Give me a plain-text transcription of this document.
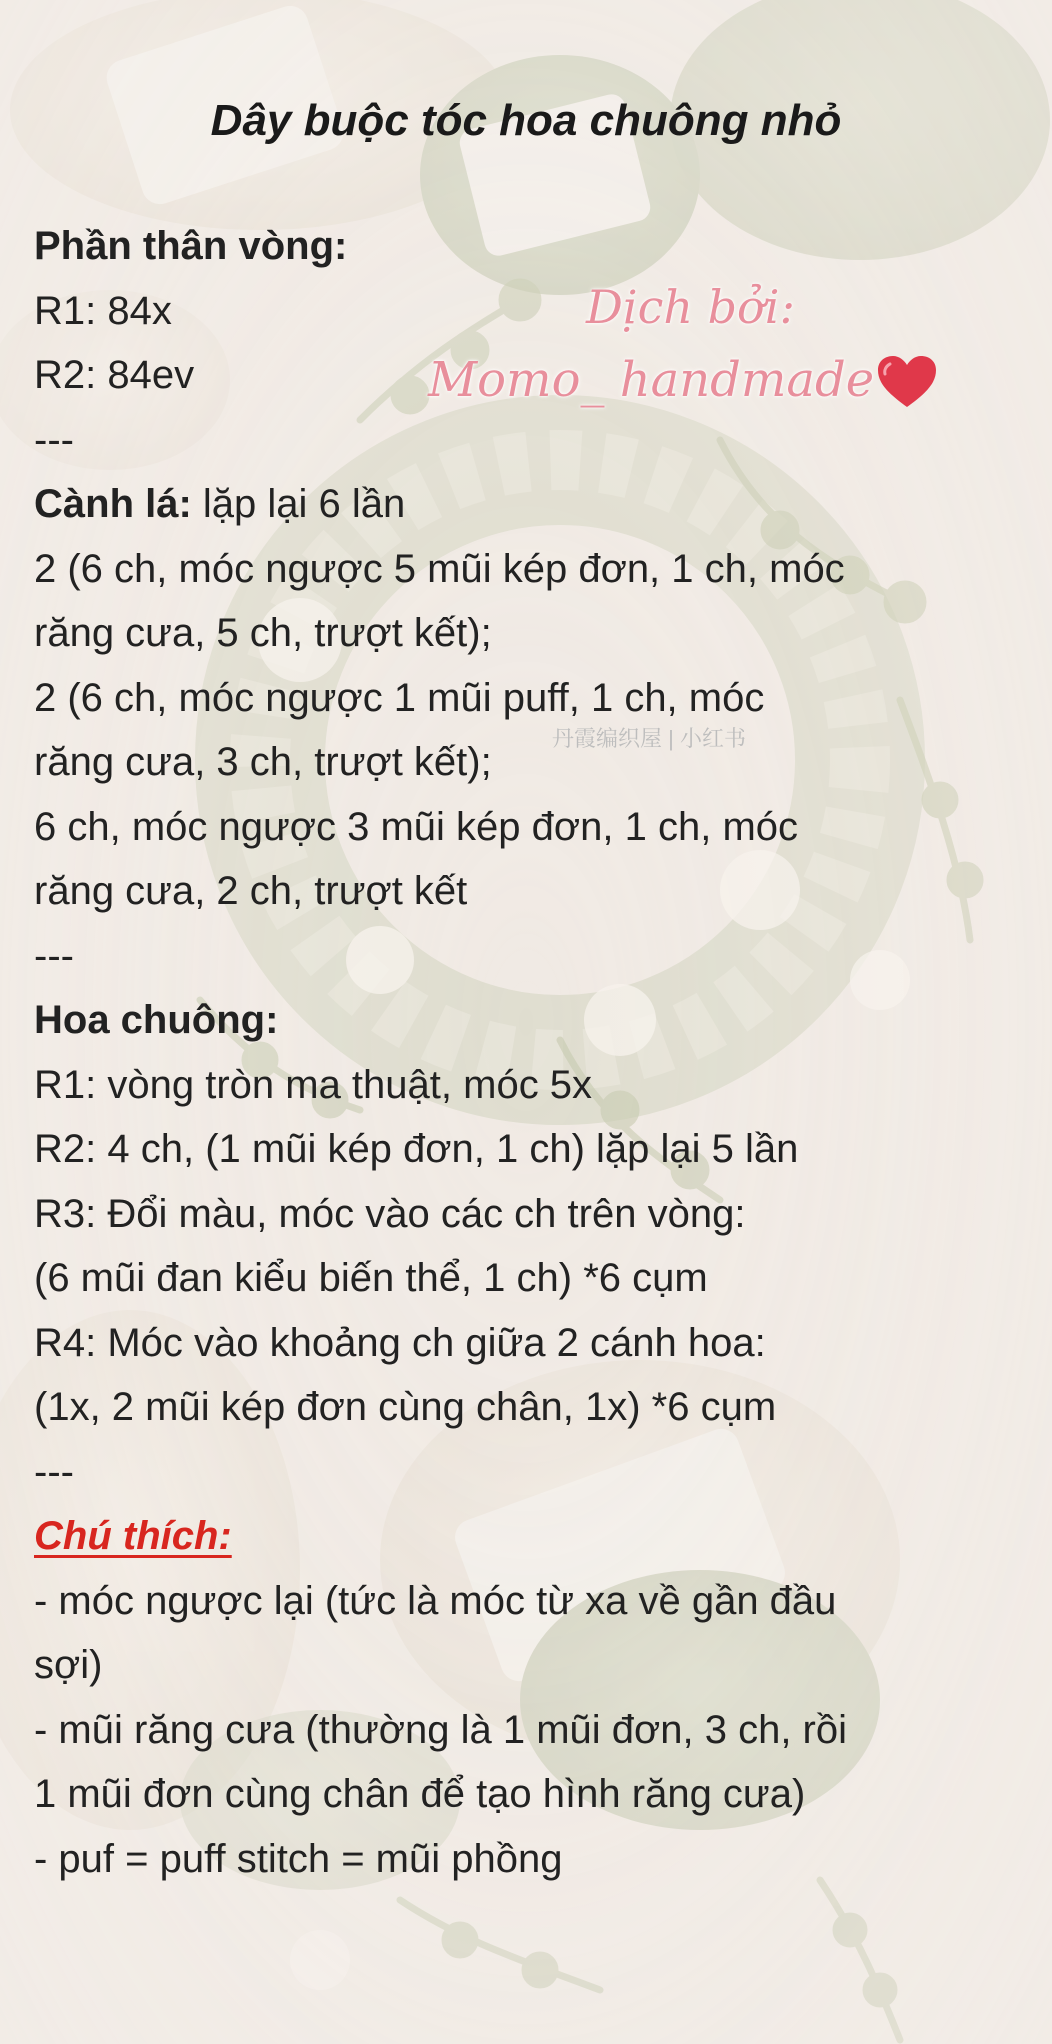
丹霞编织屋 | 小红书
Dây buộc tóc hoa chuông nhỏ
Phần thân vòng:
R1: 84x
R2: 84ev
---
Cành lá: lặp lại 6 lần
2 (6 ch, móc ngược 5 mũi kép đơn, 1 ch, móc
răng cưa, 5 ch, trượt kết);
2 (6 ch, móc ngược 1 mũi puff, 1 ch, móc
răng cưa, 3 ch, trượt kết);
6 ch, móc ngược 3 mũi kép đơn, 1 ch, móc
răng cưa, 2 ch, trượt kết
---
Hoa chuông:
R1: vòng tròn ma thuật, móc 5x
R2: 4 ch, (1 mũi kép đơn, 1 ch) lặp lại 5 lần
R3: Đổi màu, móc vào các ch trên vòng:
(6 mũi đan kiểu biến thể, 1 ch) *6 cụm
R4: Móc vào khoảng ch giữa 2 cánh hoa:
(1x, 2 mũi kép đơn cùng chân, 1x) *6 cụm
---
Chú thích:
- móc ngược lại (tức là móc từ xa về gần đầu
sợi)
- mũi răng cưa (thường là 1 mũi đơn, 3 ch, rồi
1 mũi đơn cùng chân để tạo hình răng cưa)
- puf = puff stitch = mũi phồng
Dịch bởi:
Momo_ handmade
